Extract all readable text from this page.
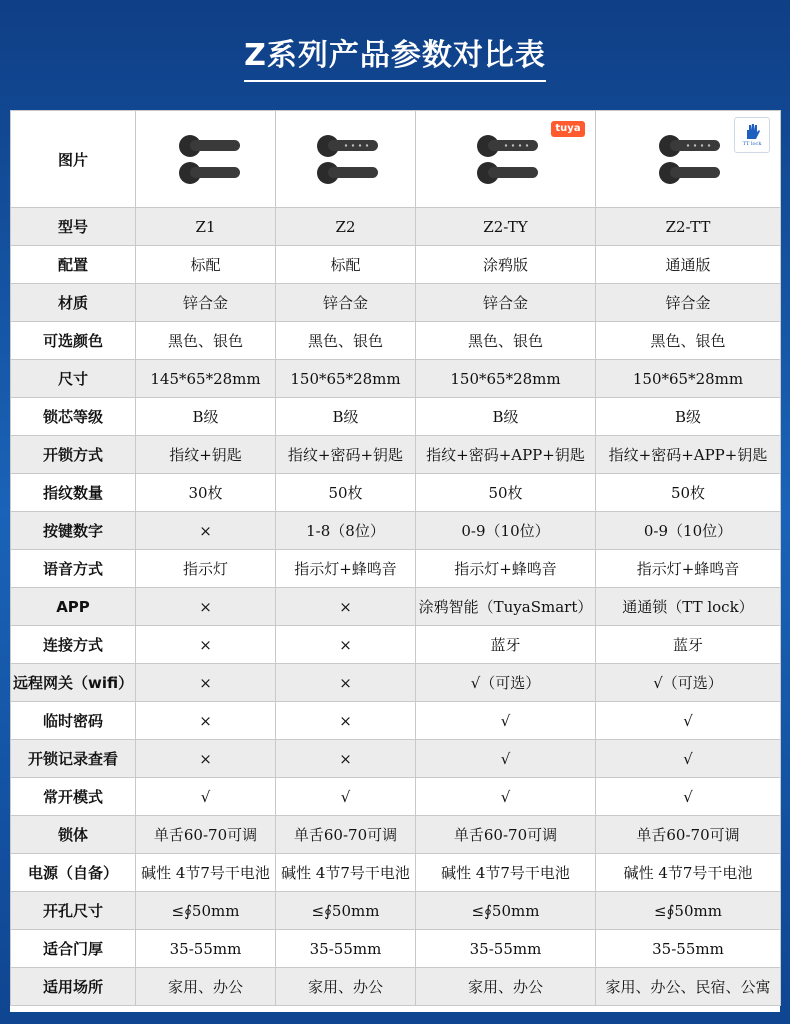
Z系列产品参数对比表
图片			tuya	TT lock

型号	Z1	Z2	Z2-TY	Z2-TT
配置	标配	标配	涂鸦版	通通版
材质	锌合金	锌合金	锌合金	锌合金
可选颜色	黑色、银色	黑色、银色	黑色、银色	黑色、银色
尺寸	145*65*28mm	150*65*28mm	150*65*28mm	150*65*28mm
锁芯等级	B级	B级	B级	B级
开锁方式	指纹+钥匙	指纹+密码+钥匙	指纹+密码+APP+钥匙	指纹+密码+APP+钥匙
指纹数量	30枚	50枚	50枚	50枚
按键数字	×	1-8（8位）	0-9（10位）	0-9（10位）
语音方式	指示灯	指示灯+蜂鸣音	指示灯+蜂鸣音	指示灯+蜂鸣音
APP	×	×	涂鸦智能（TuyaSmart）	通通锁（TT lock）
连接方式	×	×	蓝牙	蓝牙
远程网关（wifi）	×	×	√（可选）	√（可选）
临时密码	×	×	√	√
开锁记录查看	×	×	√	√
常开模式	√	√	√	√
锁体	单舌60-70可调	单舌60-70可调	单舌60-70可调	单舌60-70可调
电源（自备）	碱性 4节7号干电池	碱性 4节7号干电池	碱性 4节7号干电池	碱性 4节7号干电池
开孔尺寸	≤∮50mm	≤∮50mm	≤∮50mm	≤∮50mm
适合门厚	35-55mm	35-55mm	35-55mm	35-55mm
适用场所	家用、办公	家用、办公	家用、办公	家用、办公、民宿、公寓
